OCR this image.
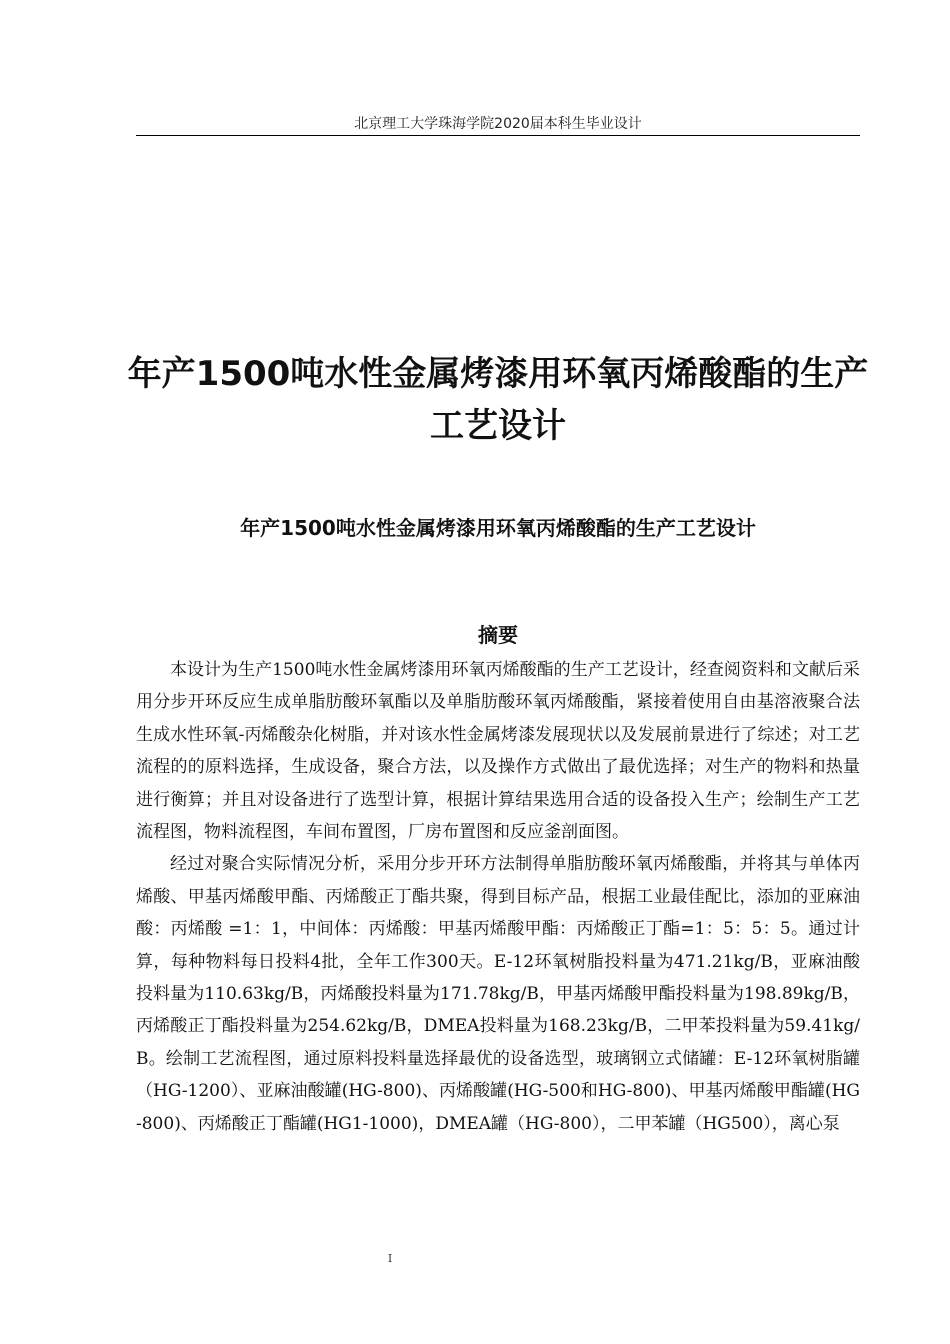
北京理工大学珠海学院2020届本科生毕业设计
年产1500吨水性金属烤漆用环氧丙烯酸酯的生产工艺设计
年产1500吨水性金属烤漆用环氧丙烯酸酯的生产工艺设计
摘要

本设计为生产1500吨水性金属烤漆用环氧丙烯酸酯的生产工艺设计，经查阅资料和文献后采用分步开环反应生成单脂肪酸环氧酯以及单脂肪酸环氧丙烯酸酯，紧接着使用自由基溶液聚合法生成水性环氧-丙烯酸杂化树脂，并对该水性金属烤漆发展现状以及发展前景进行了综述；对工艺流程的的原料选择，生成设备，聚合方法，以及操作方式做出了最优选择；对生产的物料和热量进行衡算；并且对设备进行了选型计算，根据计算结果选用合适的设备投入生产；绘制生产工艺流程图，物料流程图，车间布置图，厂房布置图和反应釜剖面图。

经过对聚合实际情况分析，采用分步开环方法制得单脂肪酸环氧丙烯酸酯，并将其与单体丙烯酸、甲基丙烯酸甲酯、丙烯酸正丁酯共聚，得到目标产品，根据工业最佳配比，添加的亚麻油酸：丙烯酸 =1：1，中间体：丙烯酸：甲基丙烯酸甲酯：丙烯酸正丁酯=1：5：5：5。通过计算，每种物料每日投料4批，全年工作300天。E-12环氧树脂投料量为471.21kg/B，亚麻油酸投料量为110.63kg/B，丙烯酸投料量为171.78kg/B，甲基丙烯酸甲酯投料量为198.89kg/B，丙烯酸正丁酯投料量为254.62kg/B，DMEA投料量为168.23kg/B，二甲苯投料量为59.41kg/B。绘制工艺流程图，通过原料投料量选择最优的设备选型，玻璃钢立式储罐：E-12环氧树脂罐（HG-1200）、亚麻油酸罐(HG-800)、丙烯酸罐(HG-500和HG-800)、甲基丙烯酸甲酯罐(HG-800)、丙烯酸正丁酯罐(HG1-1000)，DMEA罐（HG-800），二甲苯罐（HG500），离心泵

I
